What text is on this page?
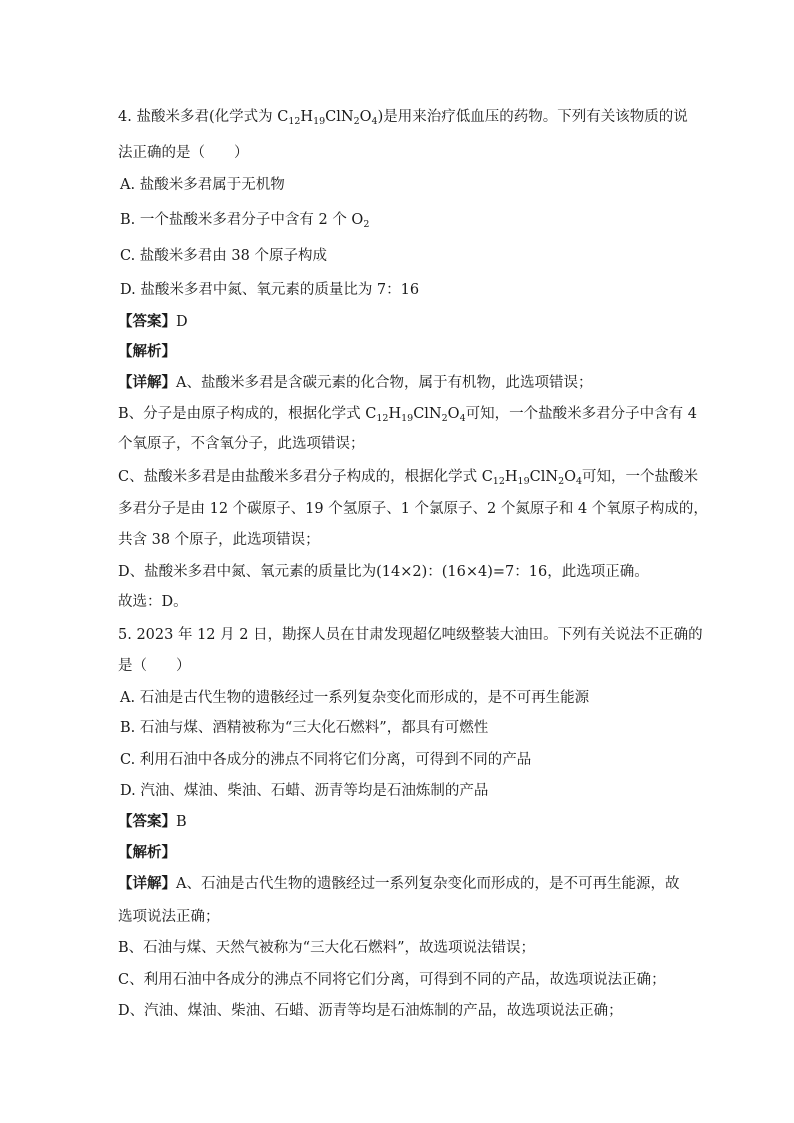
4. 盐酸米多君(化学式为 $C_{12}H_{19}ClN_2O_4$)是用来治疗低血压的药物。下列有关该物质的说
法正确的是（　　）
A. 盐酸米多君属于无机物
B. 一个盐酸米多君分子中含有 2 个 $O_2$
C. 盐酸米多君由 38 个原子构成
D. 盐酸米多君中氮、氧元素的质量比为 7：16
【答案】D
【解析】
【详解】A、盐酸米多君是含碳元素的化合物，属于有机物，此选项错误；
B、分子是由原子构成的，根据化学式 $C_{12}H_{19}ClN_2O_4$可知，一个盐酸米多君分子中含有 4
个氧原子，不含氧分子，此选项错误；
C、盐酸米多君是由盐酸米多君分子构成的，根据化学式 $C_{12}H_{19}ClN_2O_4$可知，一个盐酸米
多君分子是由 12 个碳原子、19 个氢原子、1 个氯原子、2 个氮原子和 4 个氧原子构成的，
共含 38 个原子，此选项错误；
D、盐酸米多君中氮、氧元素的质量比为(14×2)：(16×4)=7：16，此选项正确。
故选：D。
5. 2023 年 12 月 2 日，勘探人员在甘肃发现超亿吨级整装大油田。下列有关说法不正确的
是（　　）
A. 石油是古代生物的遗骸经过一系列复杂变化而形成的，是不可再生能源
B. 石油与煤、酒精被称为“三大化石燃料”，都具有可燃性
C. 利用石油中各成分的沸点不同将它们分离，可得到不同的产品
D. 汽油、煤油、柴油、石蜡、沥青等均是石油炼制的产品
【答案】B
【解析】
【详解】A、石油是古代生物的遗骸经过一系列复杂变化而形成的，是不可再生能源，故
选项说法正确；
B、石油与煤、天然气被称为“三大化石燃料”，故选项说法错误；
C、利用石油中各成分的沸点不同将它们分离，可得到不同的产品，故选项说法正确；
D、汽油、煤油、柴油、石蜡、沥青等均是石油炼制的产品，故选项说法正确；
